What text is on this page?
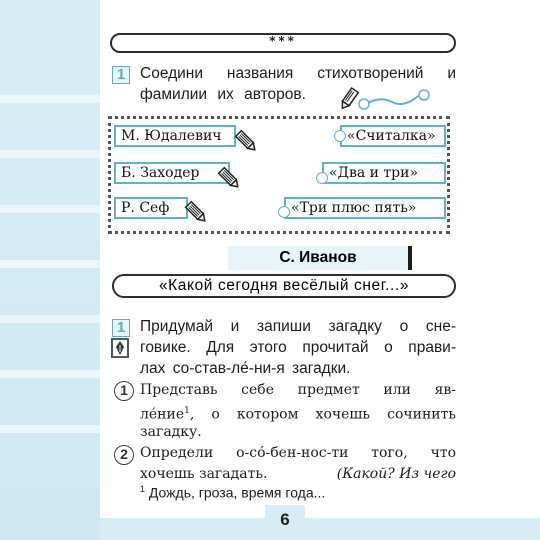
***
1 Соедини названия стихотворений и
фамилии их авторов.
М. Юдалевич
Б. Заходер
Р. Сеф
«Считалка»
«Два и три»
«Три плюс пять»
С. Иванов
«Какой сегодня весёлый снег...»
1 Придумай и запиши загадку о сне-
говике. Для этого прочитай о прави-
лах со-став-ле́-ни-я загадки.
1 Представь себе предмет или яв-
ле́ние$^1$, о котором хочешь сочинить
загадку.
2 Определи о-со́-бен-нос-ти того, что
хочешь загадать.	(Какой? Из чего
$^1$ Дождь, гроза, время года...
6
